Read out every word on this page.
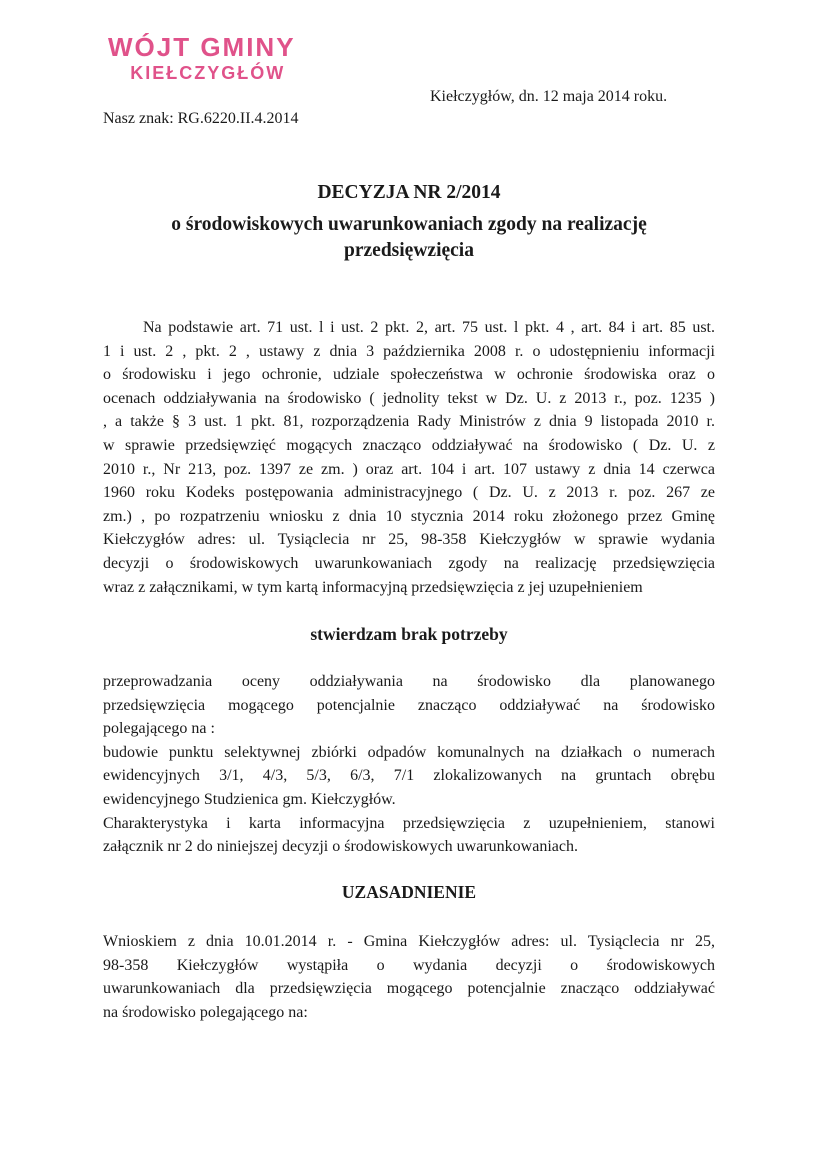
WÓJT GMINY
KIEŁCZYGŁÓW
Kiełczygłów, dn. 12 maja 2014 roku.
Nasz znak: RG.6220.II.4.2014
DECYZJA NR 2/2014
o środowiskowych uwarunkowaniach zgody na realizację
przedsięwzięcia
Na podstawie art. 71 ust. l i ust. 2 pkt. 2, art. 75 ust. l pkt. 4 , art. 84 i art. 85 ust.
1 i ust. 2 , pkt. 2 , ustawy z dnia 3 października 2008 r. o udostępnieniu informacji
o środowisku i jego ochronie, udziale społeczeństwa w ochronie środowiska oraz o
ocenach oddziaływania na środowisko ( jednolity tekst w Dz. U. z 2013 r., poz. 1235 )
, a także § 3 ust. 1 pkt. 81, rozporządzenia Rady Ministrów z dnia 9 listopada 2010 r.
w sprawie przedsięwzięć mogących znacząco oddziaływać na środowisko ( Dz. U. z
2010 r., Nr 213, poz. 1397 ze zm. ) oraz art. 104 i art. 107 ustawy z dnia 14 czerwca
1960 roku Kodeks postępowania administracyjnego ( Dz. U. z 2013 r. poz. 267 ze
zm.) , po rozpatrzeniu wniosku z dnia 10 stycznia 2014 roku złożonego przez Gminę
Kiełczygłów adres: ul. Tysiąclecia nr 25, 98-358 Kiełczygłów w sprawie wydania
decyzji o środowiskowych uwarunkowaniach zgody na realizację przedsięwzięcia
wraz z załącznikami, w tym kartą informacyjną przedsięwzięcia z jej uzupełnieniem
stwierdzam brak potrzeby
przeprowadzania oceny oddziaływania na środowisko dla planowanego
przedsięwzięcia mogącego potencjalnie znacząco oddziaływać na środowisko
polegającego na :
budowie punktu selektywnej zbiórki odpadów komunalnych na działkach o numerach
ewidencyjnych 3/1, 4/3, 5/3, 6/3, 7/1 zlokalizowanych na gruntach obrębu
ewidencyjnego Studzienica gm. Kiełczygłów.
Charakterystyka i karta informacyjna przedsięwzięcia z uzupełnieniem, stanowi
załącznik nr 2 do niniejszej decyzji o środowiskowych uwarunkowaniach.
UZASADNIENIE
Wnioskiem z dnia 10.01.2014 r. - Gmina Kiełczygłów adres: ul. Tysiąclecia nr 25,
98-358 Kiełczygłów wystąpiła o wydania decyzji o środowiskowych
uwarunkowaniach dla przedsięwzięcia mogącego potencjalnie znacząco oddziaływać
na środowisko polegającego na:
